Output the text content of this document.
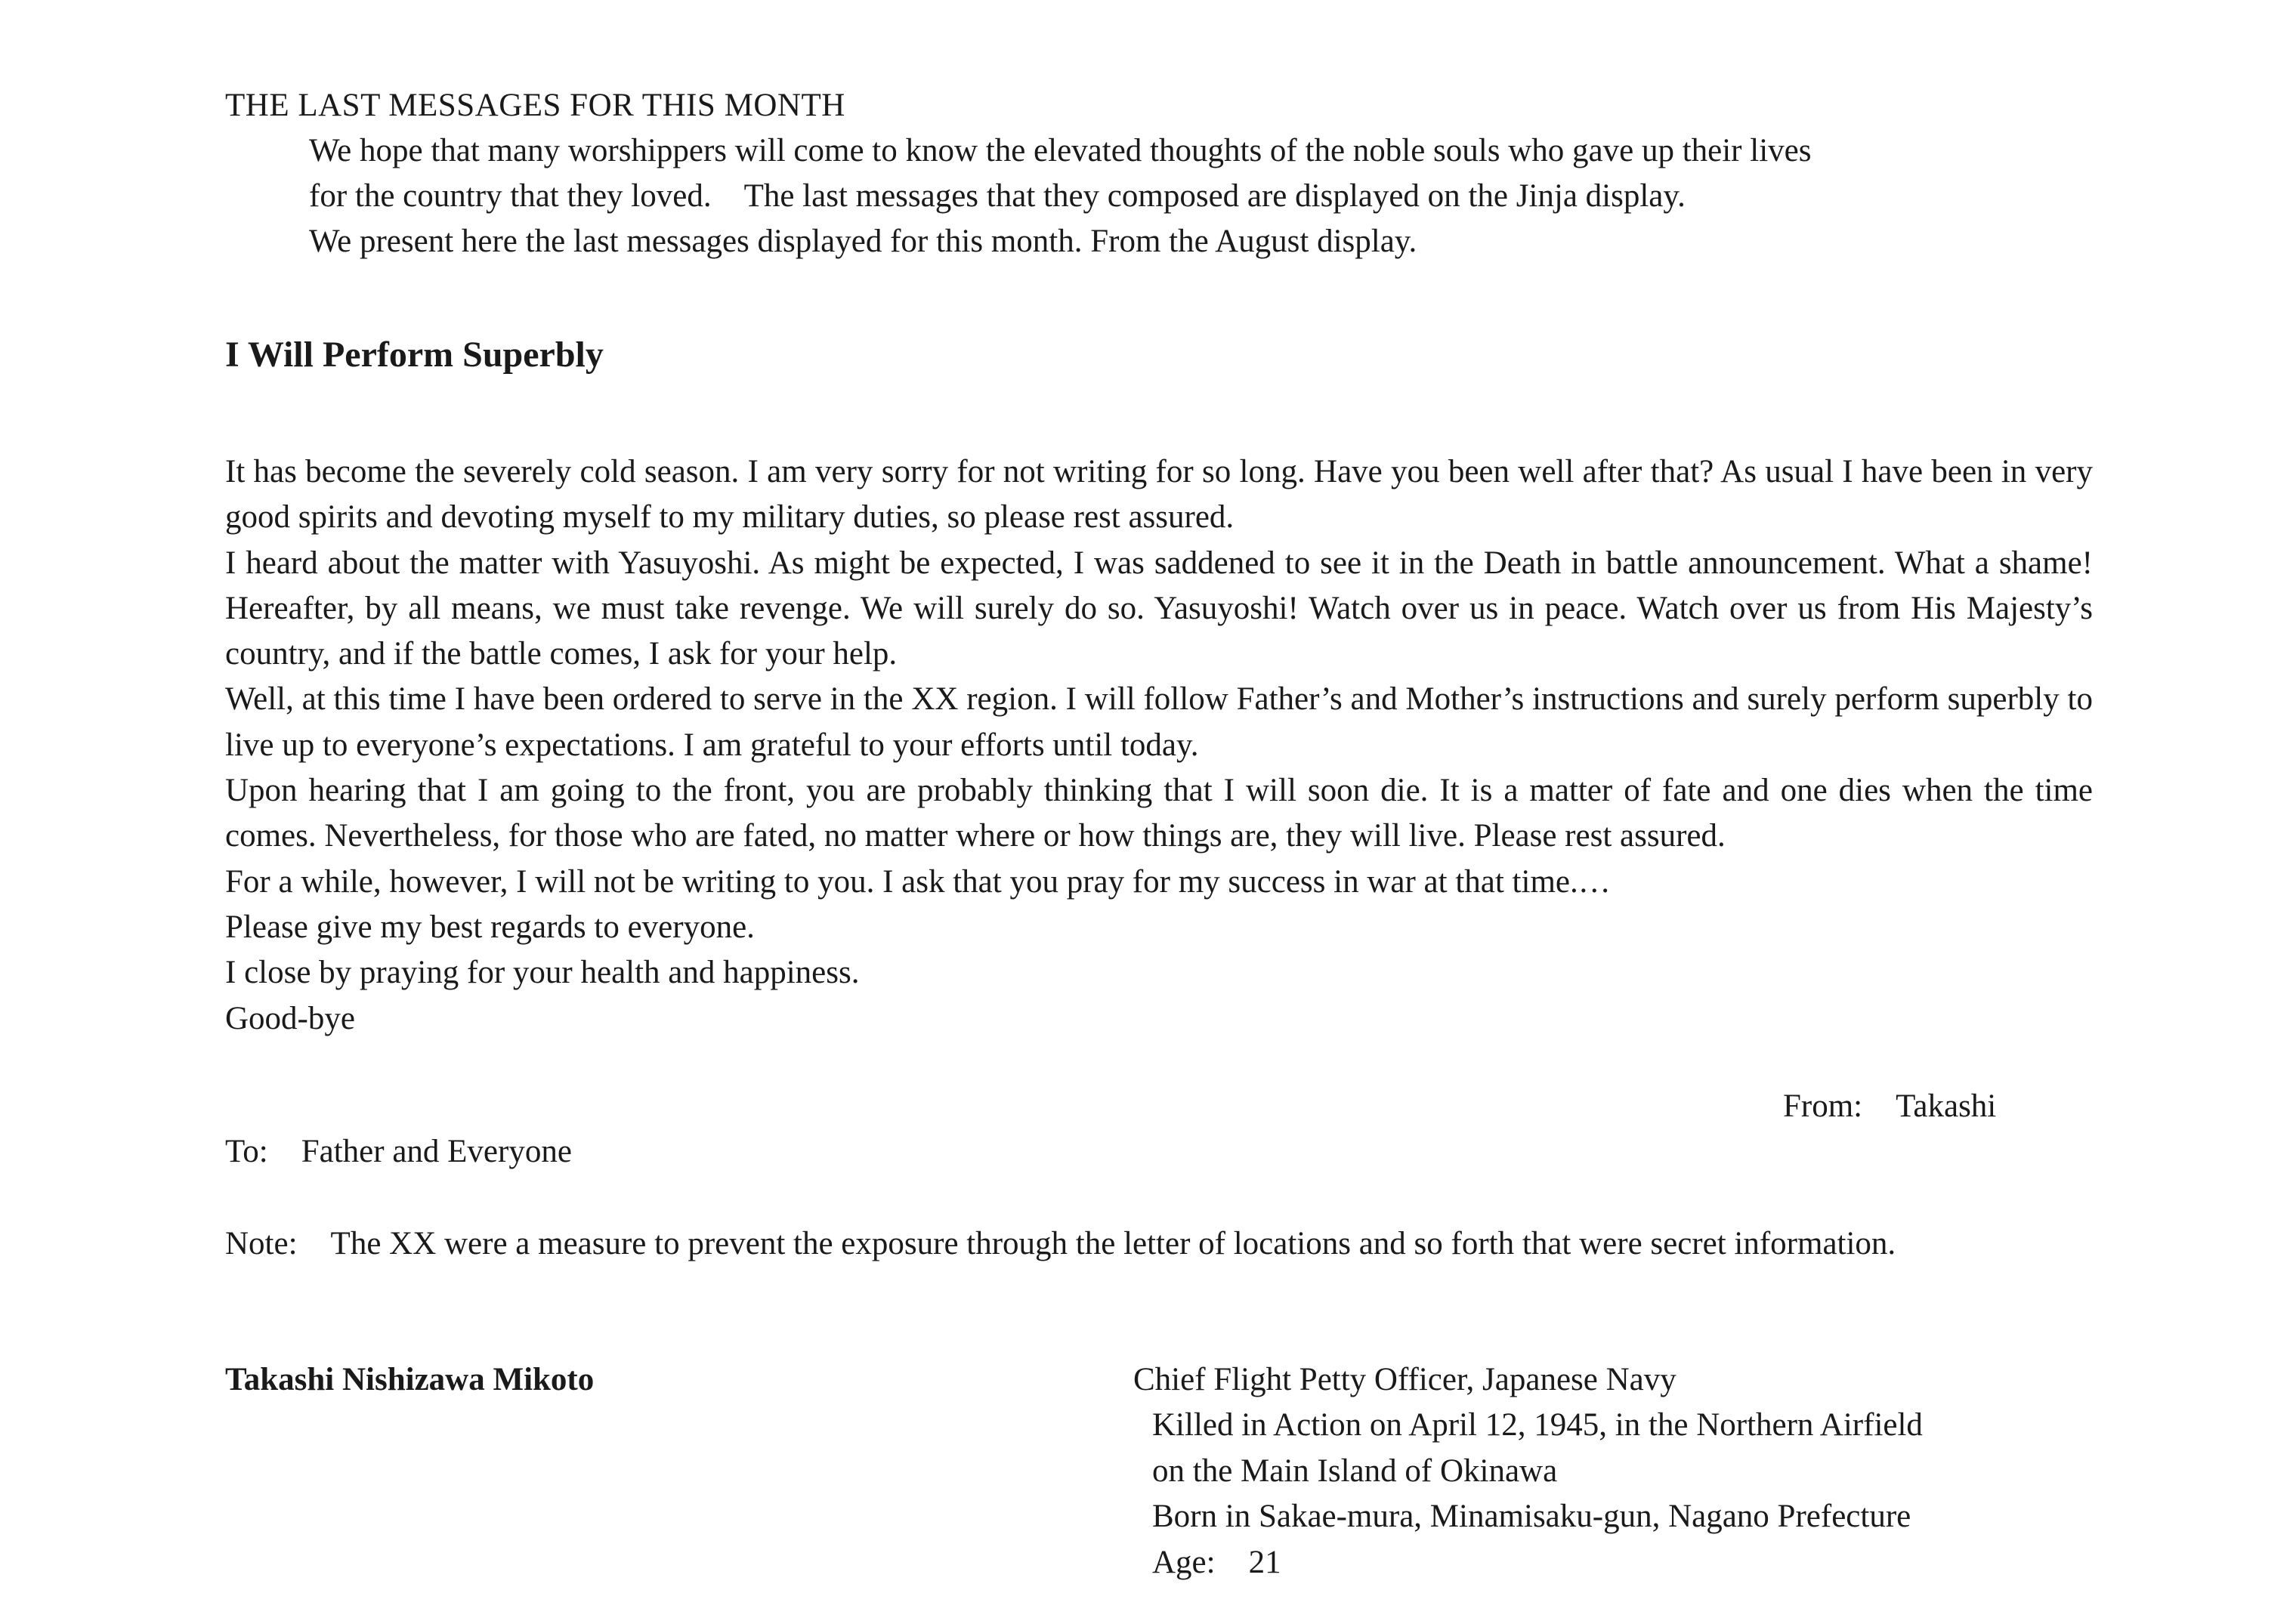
THE LAST MESSAGES FOR THIS MONTH
We hope that many worshippers will come to know the elevated thoughts of the noble souls who gave up their lives
for the country that they loved.　The last messages that they composed are displayed on the Jinja display.
We present here the last messages displayed for this month. From the August display.
I Will Perform Superbly

It has become the severely cold season. I am very sorry for not writing for so long. Have you been well after that? As usual I have been in very good spirits and devoting myself to my military duties, so please rest assured.

I heard about the matter with Yasuyoshi. As might be expected, I was saddened to see it in the Death in battle announcement. What a shame! Hereafter, by all means, we must take revenge. We will surely do so. Yasuyoshi! Watch over us in peace. Watch over us from His Majesty’s country, and if the battle comes, I ask for your help.

Well, at this time I have been ordered to serve in the XX region. I will follow Father’s and Mother’s instructions and surely perform superbly to live up to everyone’s expectations. I am grateful to your efforts until today.

Upon hearing that I am going to the front, you are probably thinking that I will soon die. It is a matter of fate and one dies when the time comes. Nevertheless, for those who are fated, no matter where or how things are, they will live. Please rest assured.

For a while, however, I will not be writing to you. I ask that you pray for my success in war at that time.…

Please give my best regards to everyone.

I close by praying for your health and happiness.

Good-bye

From: Takashi
To: Father and Everyone
Note: The XX were a measure to prevent the exposure through the letter of locations and so forth that were secret information.
Takashi Nishizawa Mikoto	Chief Flight Petty Officer, Japanese Navy
Killed in Action on April 12, 1945, in the Northern Airfield
on the Main Island of Okinawa
Born in Sakae-mura, Minamisaku-gun, Nagano Prefecture
Age: 21
